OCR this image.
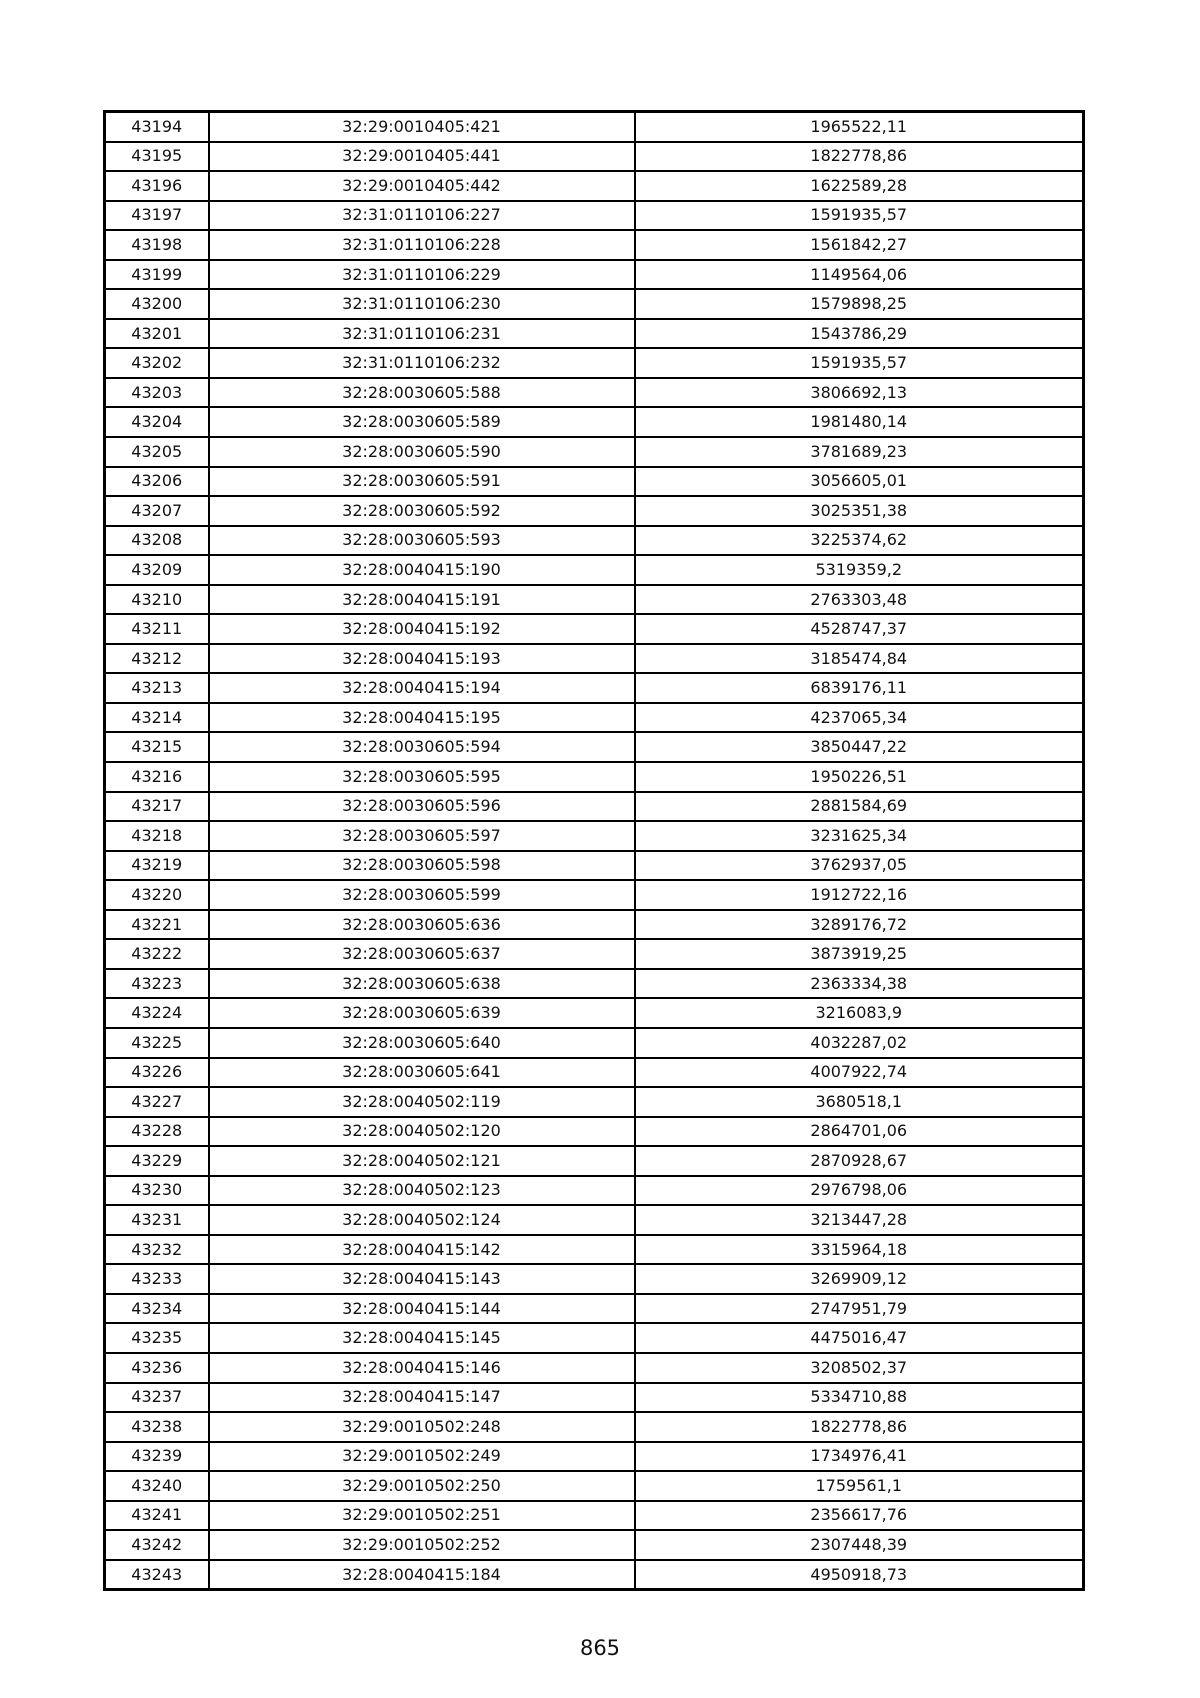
43194	32:29:0010405:421	1965522,11
43195	32:29:0010405:441	1822778,86
43196	32:29:0010405:442	1622589,28
43197	32:31:0110106:227	1591935,57
43198	32:31:0110106:228	1561842,27
43199	32:31:0110106:229	1149564,06
43200	32:31:0110106:230	1579898,25
43201	32:31:0110106:231	1543786,29
43202	32:31:0110106:232	1591935,57
43203	32:28:0030605:588	3806692,13
43204	32:28:0030605:589	1981480,14
43205	32:28:0030605:590	3781689,23
43206	32:28:0030605:591	3056605,01
43207	32:28:0030605:592	3025351,38
43208	32:28:0030605:593	3225374,62
43209	32:28:0040415:190	5319359,2
43210	32:28:0040415:191	2763303,48
43211	32:28:0040415:192	4528747,37
43212	32:28:0040415:193	3185474,84
43213	32:28:0040415:194	6839176,11
43214	32:28:0040415:195	4237065,34
43215	32:28:0030605:594	3850447,22
43216	32:28:0030605:595	1950226,51
43217	32:28:0030605:596	2881584,69
43218	32:28:0030605:597	3231625,34
43219	32:28:0030605:598	3762937,05
43220	32:28:0030605:599	1912722,16
43221	32:28:0030605:636	3289176,72
43222	32:28:0030605:637	3873919,25
43223	32:28:0030605:638	2363334,38
43224	32:28:0030605:639	3216083,9
43225	32:28:0030605:640	4032287,02
43226	32:28:0030605:641	4007922,74
43227	32:28:0040502:119	3680518,1
43228	32:28:0040502:120	2864701,06
43229	32:28:0040502:121	2870928,67
43230	32:28:0040502:123	2976798,06
43231	32:28:0040502:124	3213447,28
43232	32:28:0040415:142	3315964,18
43233	32:28:0040415:143	3269909,12
43234	32:28:0040415:144	2747951,79
43235	32:28:0040415:145	4475016,47
43236	32:28:0040415:146	3208502,37
43237	32:28:0040415:147	5334710,88
43238	32:29:0010502:248	1822778,86
43239	32:29:0010502:249	1734976,41
43240	32:29:0010502:250	1759561,1
43241	32:29:0010502:251	2356617,76
43242	32:29:0010502:252	2307448,39
43243	32:28:0040415:184	4950918,73
865
